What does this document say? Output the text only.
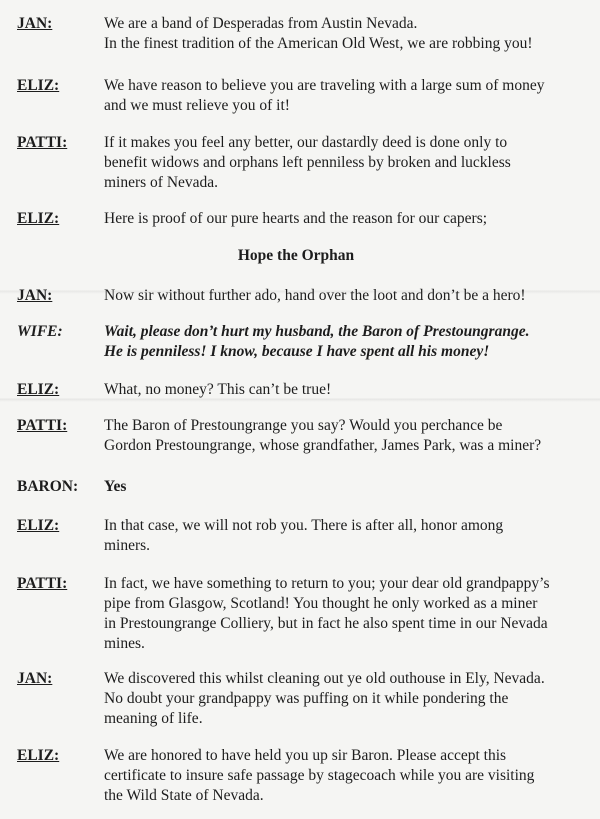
JAN:	We are a band of Desperadas from Austin Nevada.
In the finest tradition of the American Old West, we are robbing you!
ELIZ:	We have reason to believe you are traveling with a large sum of money
and we must relieve you of it!
PATTI: If it makes you feel any better, our dastardly deed is done only to
benefit widows and orphans left penniless by broken and luckless
miners of Nevada.
ELIZ:	Here is proof of our pure hearts and the reason for our capers;
Hope the Orphan
JAN:	Now sir without further ado, hand over the loot and don’t be a hero!
WIFE:	Wait, please don’t hurt my husband, the Baron of Prestoungrange.
He is penniless! I know, because I have spent all his money!
ELIZ:	What, no money? This can’t be true!
PATTI: The Baron of Prestoungrange you say? Would you perchance be
Gordon Prestoungrange, whose grandfather, James Park, was a miner?
BARON: Yes
ELIZ:	In that case, we will not rob you. There is after all, honor among
miners.
PATTI: In fact, we have something to return to you; your dear old grandpappy’s
pipe from Glasgow, Scotland! You thought he only worked as a miner
in Prestoungrange Colliery, but in fact he also spent time in our Nevada
mines.
JAN:	We discovered this whilst cleaning out ye old outhouse in Ely, Nevada.
No doubt your grandpappy was puffing on it while pondering the
meaning of life.
ELIZ:	We are honored to have held you up sir Baron. Please accept this
certificate to insure safe passage by stagecoach while you are visiting
the Wild State of Nevada.
